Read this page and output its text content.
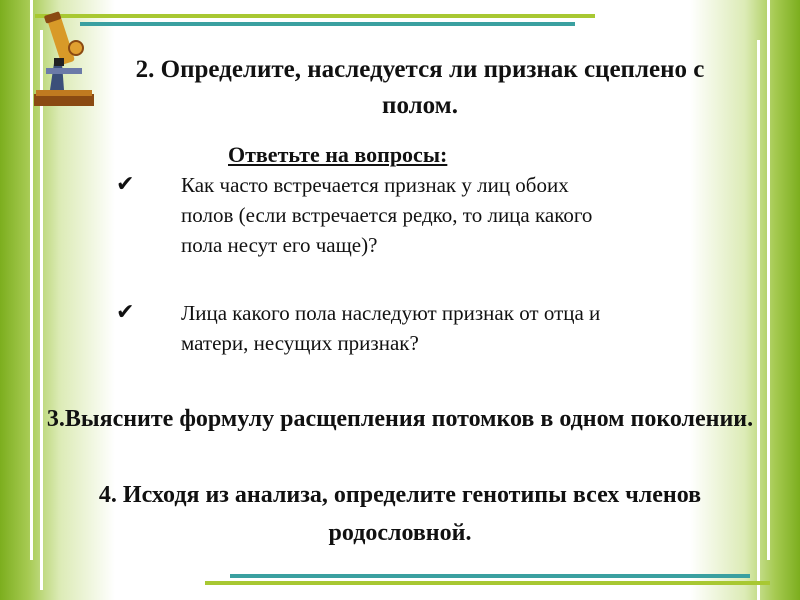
2. Определите, наследуется ли признак сцеплено с полом.
Ответьте на вопросы:
✔ Как часто встречается признак у лиц обоих полов (если встречается редко, то лица какого пола несут его чаще)?
✔ Лица какого пола наследуют признак от отца и матери, несущих признак?
3.Выясните формулу расщепления потомков в одном поколении.
4. Исходя из анализа, определите генотипы всех членов родословной.
